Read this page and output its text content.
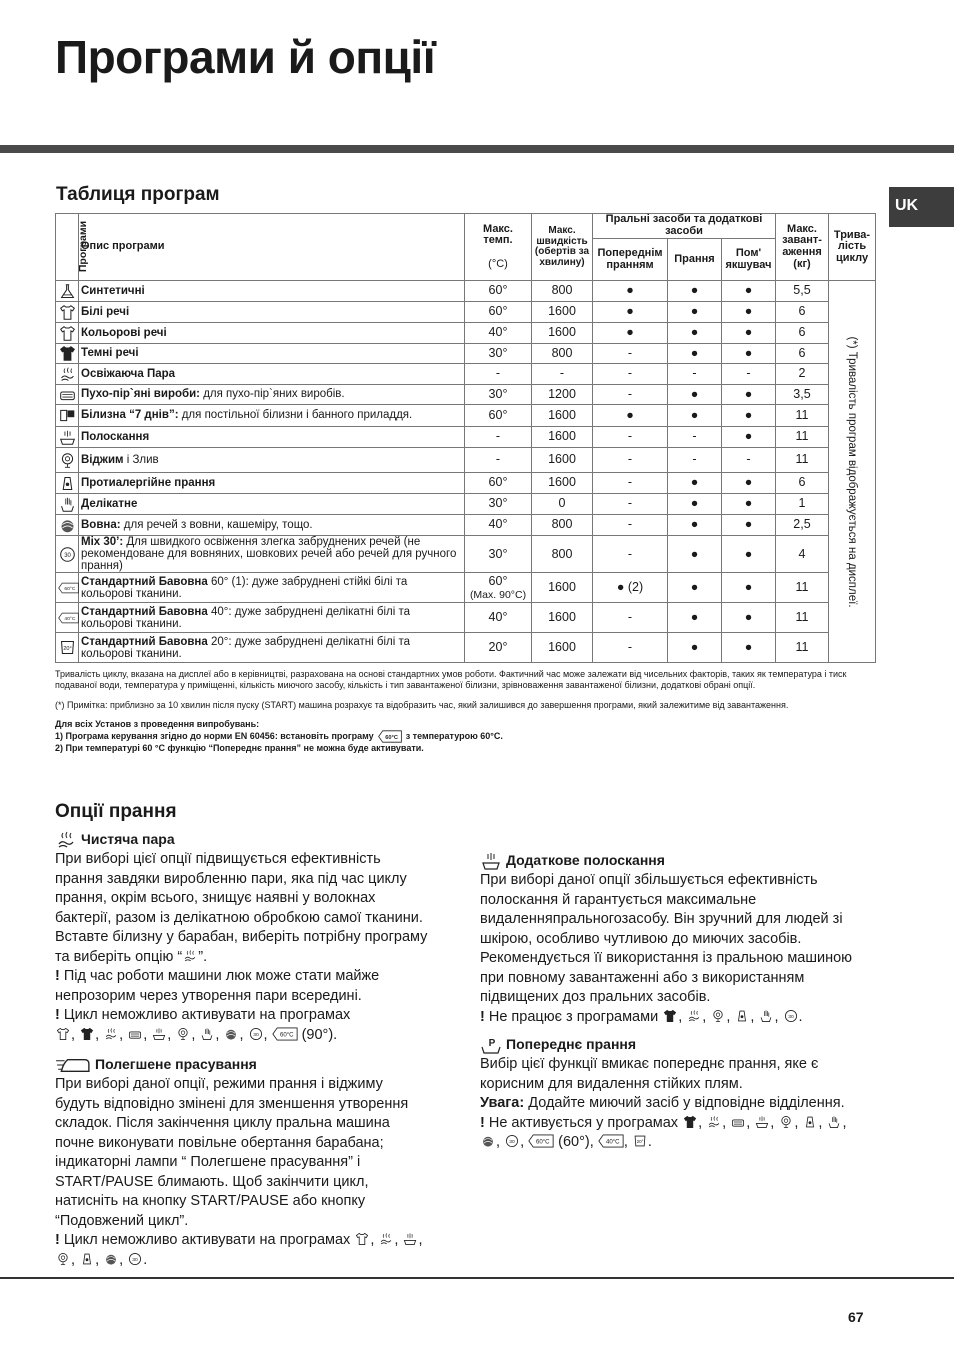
Програми й опції
UK
Таблиця програм
Програми	Опис програми	Макс. темп.

(°C)	Макс. швидкість (обертів за хвилину)	Пральні засоби та додаткові засоби			Макс. завант-аження (кг)	Трива-лість циклу
				Попереднім пранням	Прання	Пом' якшувач		
	Синтетичні	60°	800	●	●	●	5,5	(*) Тривалість програм відображується на дисплеї.

	Білі речі	60°	1600	●	●	●	6	
	Кольорові речі	40°	1600	●	●	●	6	
	Темні речі	30°	800	-	●	●	6	
	Освіжаюча Пара	-	-	-	-	-	2	
	Пухо-пір`яні вироби: для пухо-пір`яних виробів.	30°	1200	-	●	●	3,5	
	Білизна “7 днів”: для постільної білизни і банного приладдя.	60°	1600	●	●	●	11	
	Полоскання	-	1600	-	-	●	11	
	Віджим і Злив	-	1600	-	-	-	11	
	Протиалергійне прання	60°	1600	-	●	●	6	
	Делікатне	30°	0	-	●	●	1	
	Вовна: для речей з вовни, кашеміру, тощо.	40°	800	-	●	●	2,5	
	Mix 30’: Для швидкого освіження злегка забруднених речей (не рекомендоване для вовняних, шовкових речей або речей для ручного прання)	30°	800	-	●	●	4	
	Стандартний Бавовна 60° (1): дуже забруднені стійкі білі та кольорові тканини.	60°
(Max. 90°C)	1600	● (2)	●	●	11	
	Стандартний Бавовна 40°: дуже забруднені делікатні білі та кольорові тканини.	40°	1600	-	●	●	11	
	Стандартний Бавовна 20°: дуже забруднені делікатні білі та кольорові тканини.	20°	1600	-	●	●	11	

Тривалість циклу, вказана на дисплеї або в керівництві, разрахована на основі стандартних умов роботи. Фактичний час може залежати від чисельних факторів, таких як температура і тиск подаваної води, температура у приміщенні, кількість миючого засобу, кількість і тип завантаженої білизни, зрівноваження завантаженої білизни, додаткові обрані опції.

(*) Примітка: приблизно за 10 хвилин після пуску (START) машина розрахує та відобразить час, який залишився до завершення програми, який залежитиме від завантаження.

Для всіх Установ з проведення випробувань:

1) Програма керування згідно до норми EN 60456: встановіть програму	з температурою 60°C.

2) При температурі 60 °C функцію “Попереднє прання” не можна буде активувати.

Опції прання
Чистяча пара

При виборі цієї опції підвищується ефективність прання завдяки виробленню пари, яка під час циклу прання, окрім всього, знищує наявні у волокнах бактерії, разом із делікатною обробкою самої тканини. Вставте білизну у барабан, виберіть потрібну програму та виберіть опцію “ ”.

! Під час роботи машини люк може стати майже непрозорим через утворення пари всередині.

! Цикл неможливо активувати на програмах

, , , , , , , , ,  (90°).

Полегшене прасування

При виборі даної опції, режими прання і віджиму будуть відповідно змінені для зменшення утворення складок. Після закінчення циклу пральна машина почне виконувати повільне обертання барабана; індикаторні лампи “ Полегшене прасування” і START/PAUSE блимають. Щоб закінчити цикл, натисніть на кнопку START/PAUSE або кнопку “Подовжений цикл”.

! Цикл неможливо активувати на програмах , , , , , , .

Додаткове полоскання

При виборі даної опції збільшується ефективність полоскання й гарантується максимальне видаленняпральногозасобу. Він зручний для людей зі шкірою, особливо чутливою до миючих засобів. Рекомендується її використання із пральною машиною при повному завантаженні або з використанням підвищених доз пральних засобів.

! Не працює з програмами , , , , , .

Попереднє прання

Вибір цієї функції вмикає попереднє прання, яке є корисним для видалення стійких плям.

Увага: Додайте миючий засіб у відповідне відділення.

! Не активується у програмах , , , , , , , , ,  (60°), , .

67
